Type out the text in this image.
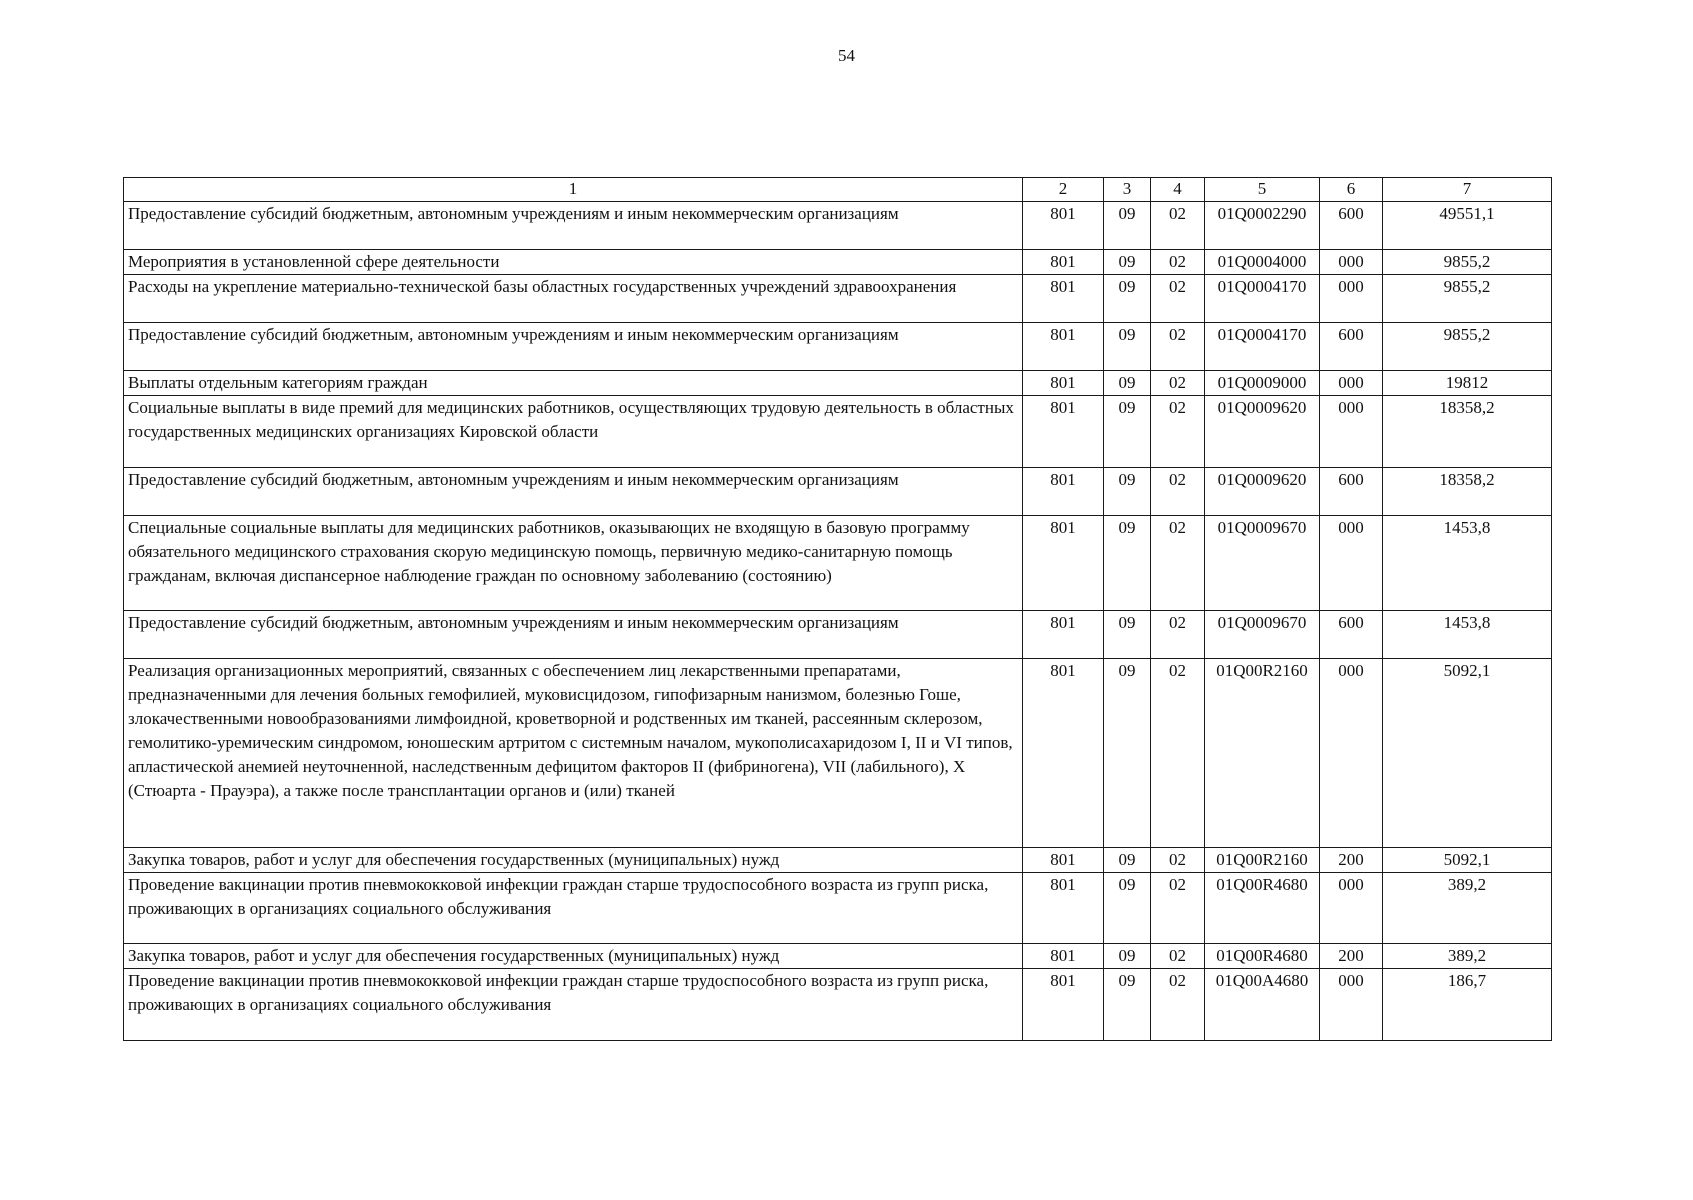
54
1	2	3	4	5	6	7
Предоставление субсидий бюджетным, автономным учреждениям и иным некоммерческим организациям	801	09	02	01Q0002290	600	49551,1
Мероприятия в установленной сфере деятельности	801	09	02	01Q0004000	000	9855,2
Расходы на укрепление материально-технической базы областных государственных учреждений здравоохранения	801	09	02	01Q0004170	000	9855,2
Предоставление субсидий бюджетным, автономным учреждениям и иным некоммерческим организациям	801	09	02	01Q0004170	600	9855,2
Выплаты отдельным категориям граждан	801	09	02	01Q0009000	000	19812
Социальные выплаты в виде премий для медицинских работников, осуществляющих трудовую деятельность в областных государственных медицинских организациях Кировской области	801	09	02	01Q0009620	000	18358,2
Предоставление субсидий бюджетным, автономным учреждениям и иным некоммерческим организациям	801	09	02	01Q0009620	600	18358,2
Специальные социальные выплаты для медицинских работников, оказывающих не входящую в базовую программу обязательного медицинского страхования скорую медицинскую помощь, первичную медико-санитарную помощь гражданам, включая диспансерное наблюдение граждан по основному заболеванию (состоянию)	801	09	02	01Q0009670	000	1453,8
Предоставление субсидий бюджетным, автономным учреждениям и иным некоммерческим организациям	801	09	02	01Q0009670	600	1453,8
Реализация организационных мероприятий, связанных с обеспечением лиц лекарственными препаратами, предназначенными для лечения больных гемофилией, муковисцидозом, гипофизарным нанизмом, болезнью Гоше, злокачественными новообразованиями лимфоидной, кроветворной и родственных им тканей, рассеянным склерозом, гемолитико-уремическим синдромом, юношеским артритом с системным началом, мукополисахаридозом I, II и VI типов, апластической анемией неуточненной, наследственным дефицитом факторов II (фибриногена), VII (лабильного), X (Стюарта - Прауэра), а также после трансплантации органов и (или) тканей	801	09	02	01Q00R2160	000	5092,1
Закупка товаров, работ и услуг для обеспечения государственных (муниципальных) нужд	801	09	02	01Q00R2160	200	5092,1
Проведение вакцинации против пневмококковой инфекции граждан старше трудоспособного возраста из групп риска, проживающих в организациях социального обслуживания	801	09	02	01Q00R4680	000	389,2
Закупка товаров, работ и услуг для обеспечения государственных (муниципальных) нужд	801	09	02	01Q00R4680	200	389,2
Проведение вакцинации против пневмококковой инфекции граждан старше трудоспособного возраста из групп риска, проживающих в организациях социального обслуживания	801	09	02	01Q00A4680	000	186,7
